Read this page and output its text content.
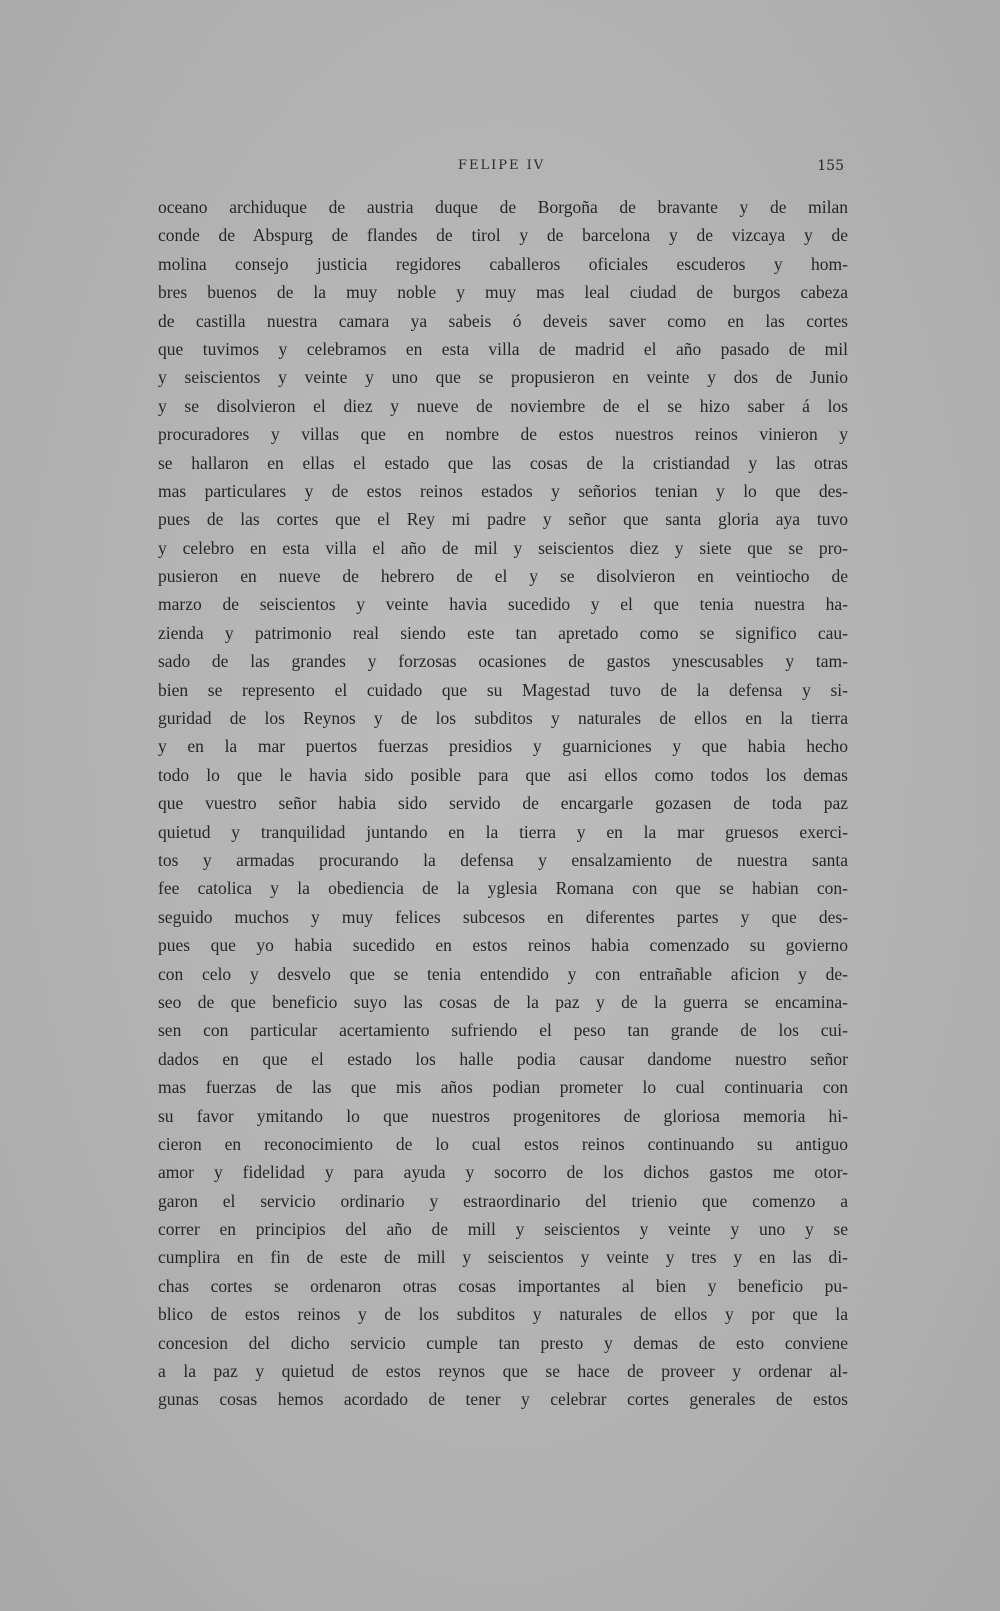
FELIPE IV	155
oceano archiduque de austria duque de Borgoña de bravante y de milan
conde de Abspurg de flandes de tirol y de barcelona y de vizcaya y de
molina consejo justicia regidores caballeros oficiales escuderos y hom-
bres buenos de la muy noble y muy mas leal ciudad de burgos cabeza
de castilla nuestra camara ya sabeis ó deveis saver como en las cortes
que tuvimos y celebramos en esta villa de madrid el año pasado de mil
y seiscientos y veinte y uno que se propusieron en veinte y dos de Junio
y se disolvieron el diez y nueve de noviembre de el se hizo saber á los
procuradores y villas que en nombre de estos nuestros reinos vinieron y
se hallaron en ellas el estado que las cosas de la cristiandad y las otras
mas particulares y de estos reinos estados y señorios tenian y lo que des-
pues de las cortes que el Rey mi padre y señor que santa gloria aya tuvo
y celebro en esta villa el año de mil y seiscientos diez y siete que se pro-
pusieron en nueve de hebrero de el y se disolvieron en veintiocho de
marzo de seiscientos y veinte havia sucedido y el que tenia nuestra ha-
zienda y patrimonio real siendo este tan apretado como se significo cau-
sado de las grandes y forzosas ocasiones de gastos ynescusables y tam-
bien se represento el cuidado que su Magestad tuvo de la defensa y si-
guridad de los Reynos y de los subditos y naturales de ellos en la tierra
y en la mar puertos fuerzas presidios y guarniciones y que habia hecho
todo lo que le havia sido posible para que asi ellos como todos los demas
que vuestro señor habia sido servido de encargarle gozasen de toda paz
quietud y tranquilidad juntando en la tierra y en la mar gruesos exerci-
tos y armadas procurando la defensa y ensalzamiento de nuestra santa
fee catolica y la obediencia de la yglesia Romana con que se habian con-
seguido muchos y muy felices subcesos en diferentes partes y que des-
pues que yo habia sucedido en estos reinos habia comenzado su govierno
con celo y desvelo que se tenia entendido y con entrañable aficion y de-
seo de que beneficio suyo las cosas de la paz y de la guerra se encamina-
sen con particular acertamiento sufriendo el peso tan grande de los cui-
dados en que el estado los halle podia causar dandome nuestro señor
mas fuerzas de las que mis años podian prometer lo cual continuaria con
su favor ymitando lo que nuestros progenitores de gloriosa memoria hi-
cieron en reconocimiento de lo cual estos reinos continuando su antiguo
amor y fidelidad y para ayuda y socorro de los dichos gastos me otor-
garon el servicio ordinario y estraordinario del trienio que comenzo a
correr en principios del año de mill y seiscientos y veinte y uno y se
cumplira en fin de este de mill y seiscientos y veinte y tres y en las di-
chas cortes se ordenaron otras cosas importantes al bien y beneficio pu-
blico de estos reinos y de los subditos y naturales de ellos y por que la
concesion del dicho servicio cumple tan presto y demas de esto conviene
a la paz y quietud de estos reynos que se hace de proveer y ordenar al-
gunas cosas hemos acordado de tener y celebrar cortes generales de estos
